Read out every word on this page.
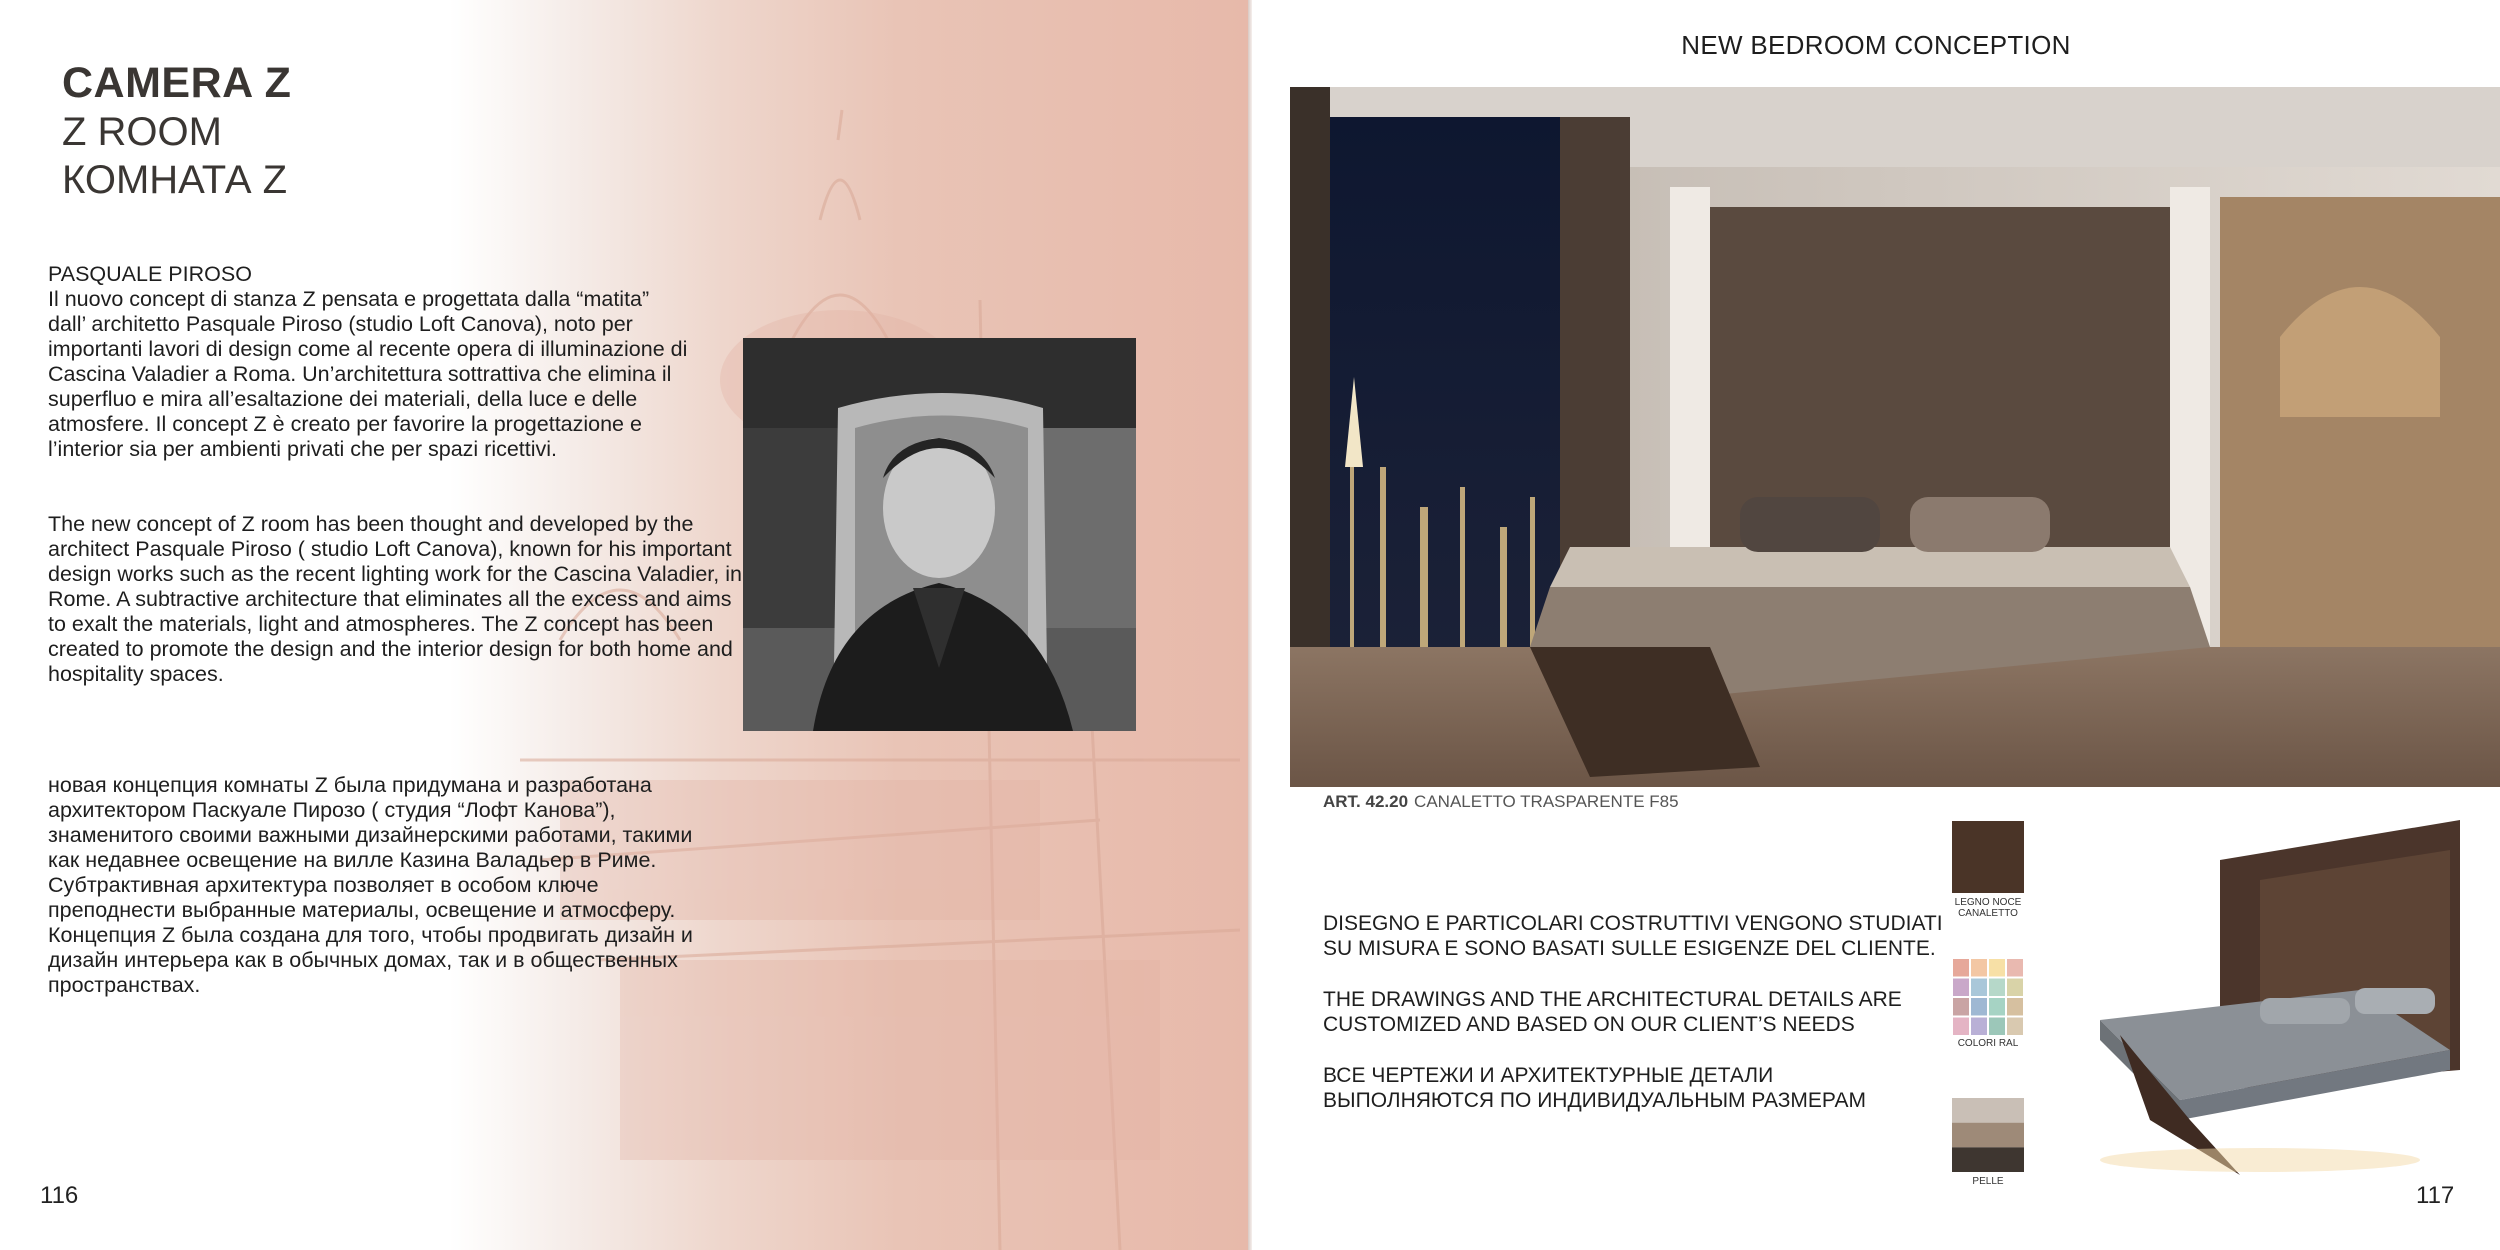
CAMERA Z
Z ROOM
КОМНАТА Z

PASQUALE PIROSO

Il nuovo concept di stanza Z pensata e progettata dalla “matita” dall’ architetto Pasquale Piroso (studio Loft Canova), noto per importanti lavori di design come al recente opera di illuminazione di Cascina Valadier a Roma. Un’architettura sottrattiva che elimina il superfluo e mira all’esaltazione dei materiali, della luce e delle atmosfere. Il concept Z è creato per favorire la progettazione e l’interior sia per ambienti privati che per spazi ricettivi.

The new concept of Z room has been thought and developed by the architect Pasquale Piroso ( studio Loft Canova), known for his important design works such as the recent lighting work for the Cascina Valadier, in Rome. A subtractive architecture that eliminates all the excess and aims to exalt the materials, light and atmospheres. The Z concept has been created to promote the design and the interior design for both home and hospitality spaces.
новая концепция комнаты Z была придумана и разработана архитектором Паскуале Пирозо ( студия “Лофт Канова”), знаменитого своими важными дизайнерскими работами, такими как недавнее освещение на вилле Казина Валадьер в Риме. Субтрактивная архитектура позволяет в особом ключе преподнести выбранные материалы, освещение и атмосферу. Концепция Z была создана для того, чтобы продвигать дизайн и дизайн интерьера как в обычных домах, так и в общественных пространствах.
116
NEW BEDROOM CONCEPTION
ART. 42.20 CANALETTO TRASPARENTE F85
DISEGNO E PARTICOLARI COSTRUTTIVI VENGONO STUDIATI SU MISURA E SONO BASATI SULLE ESIGENZE DEL CLIENTE.
THE DRAWINGS AND THE ARCHITECTURAL DETAILS ARE CUSTOMIZED AND BASED ON OUR CLIENT’S NEEDS
ВСЕ ЧЕРТЕЖИ И АРХИТЕКТУРНЫЕ ДЕТАЛИ ВЫПОЛНЯЮТСЯ ПО ИНДИВИДУАЛЬНЫМ РАЗМЕРАМ
LEGNO NOCE CANALETTO
COLORI RAL
PELLE
117
